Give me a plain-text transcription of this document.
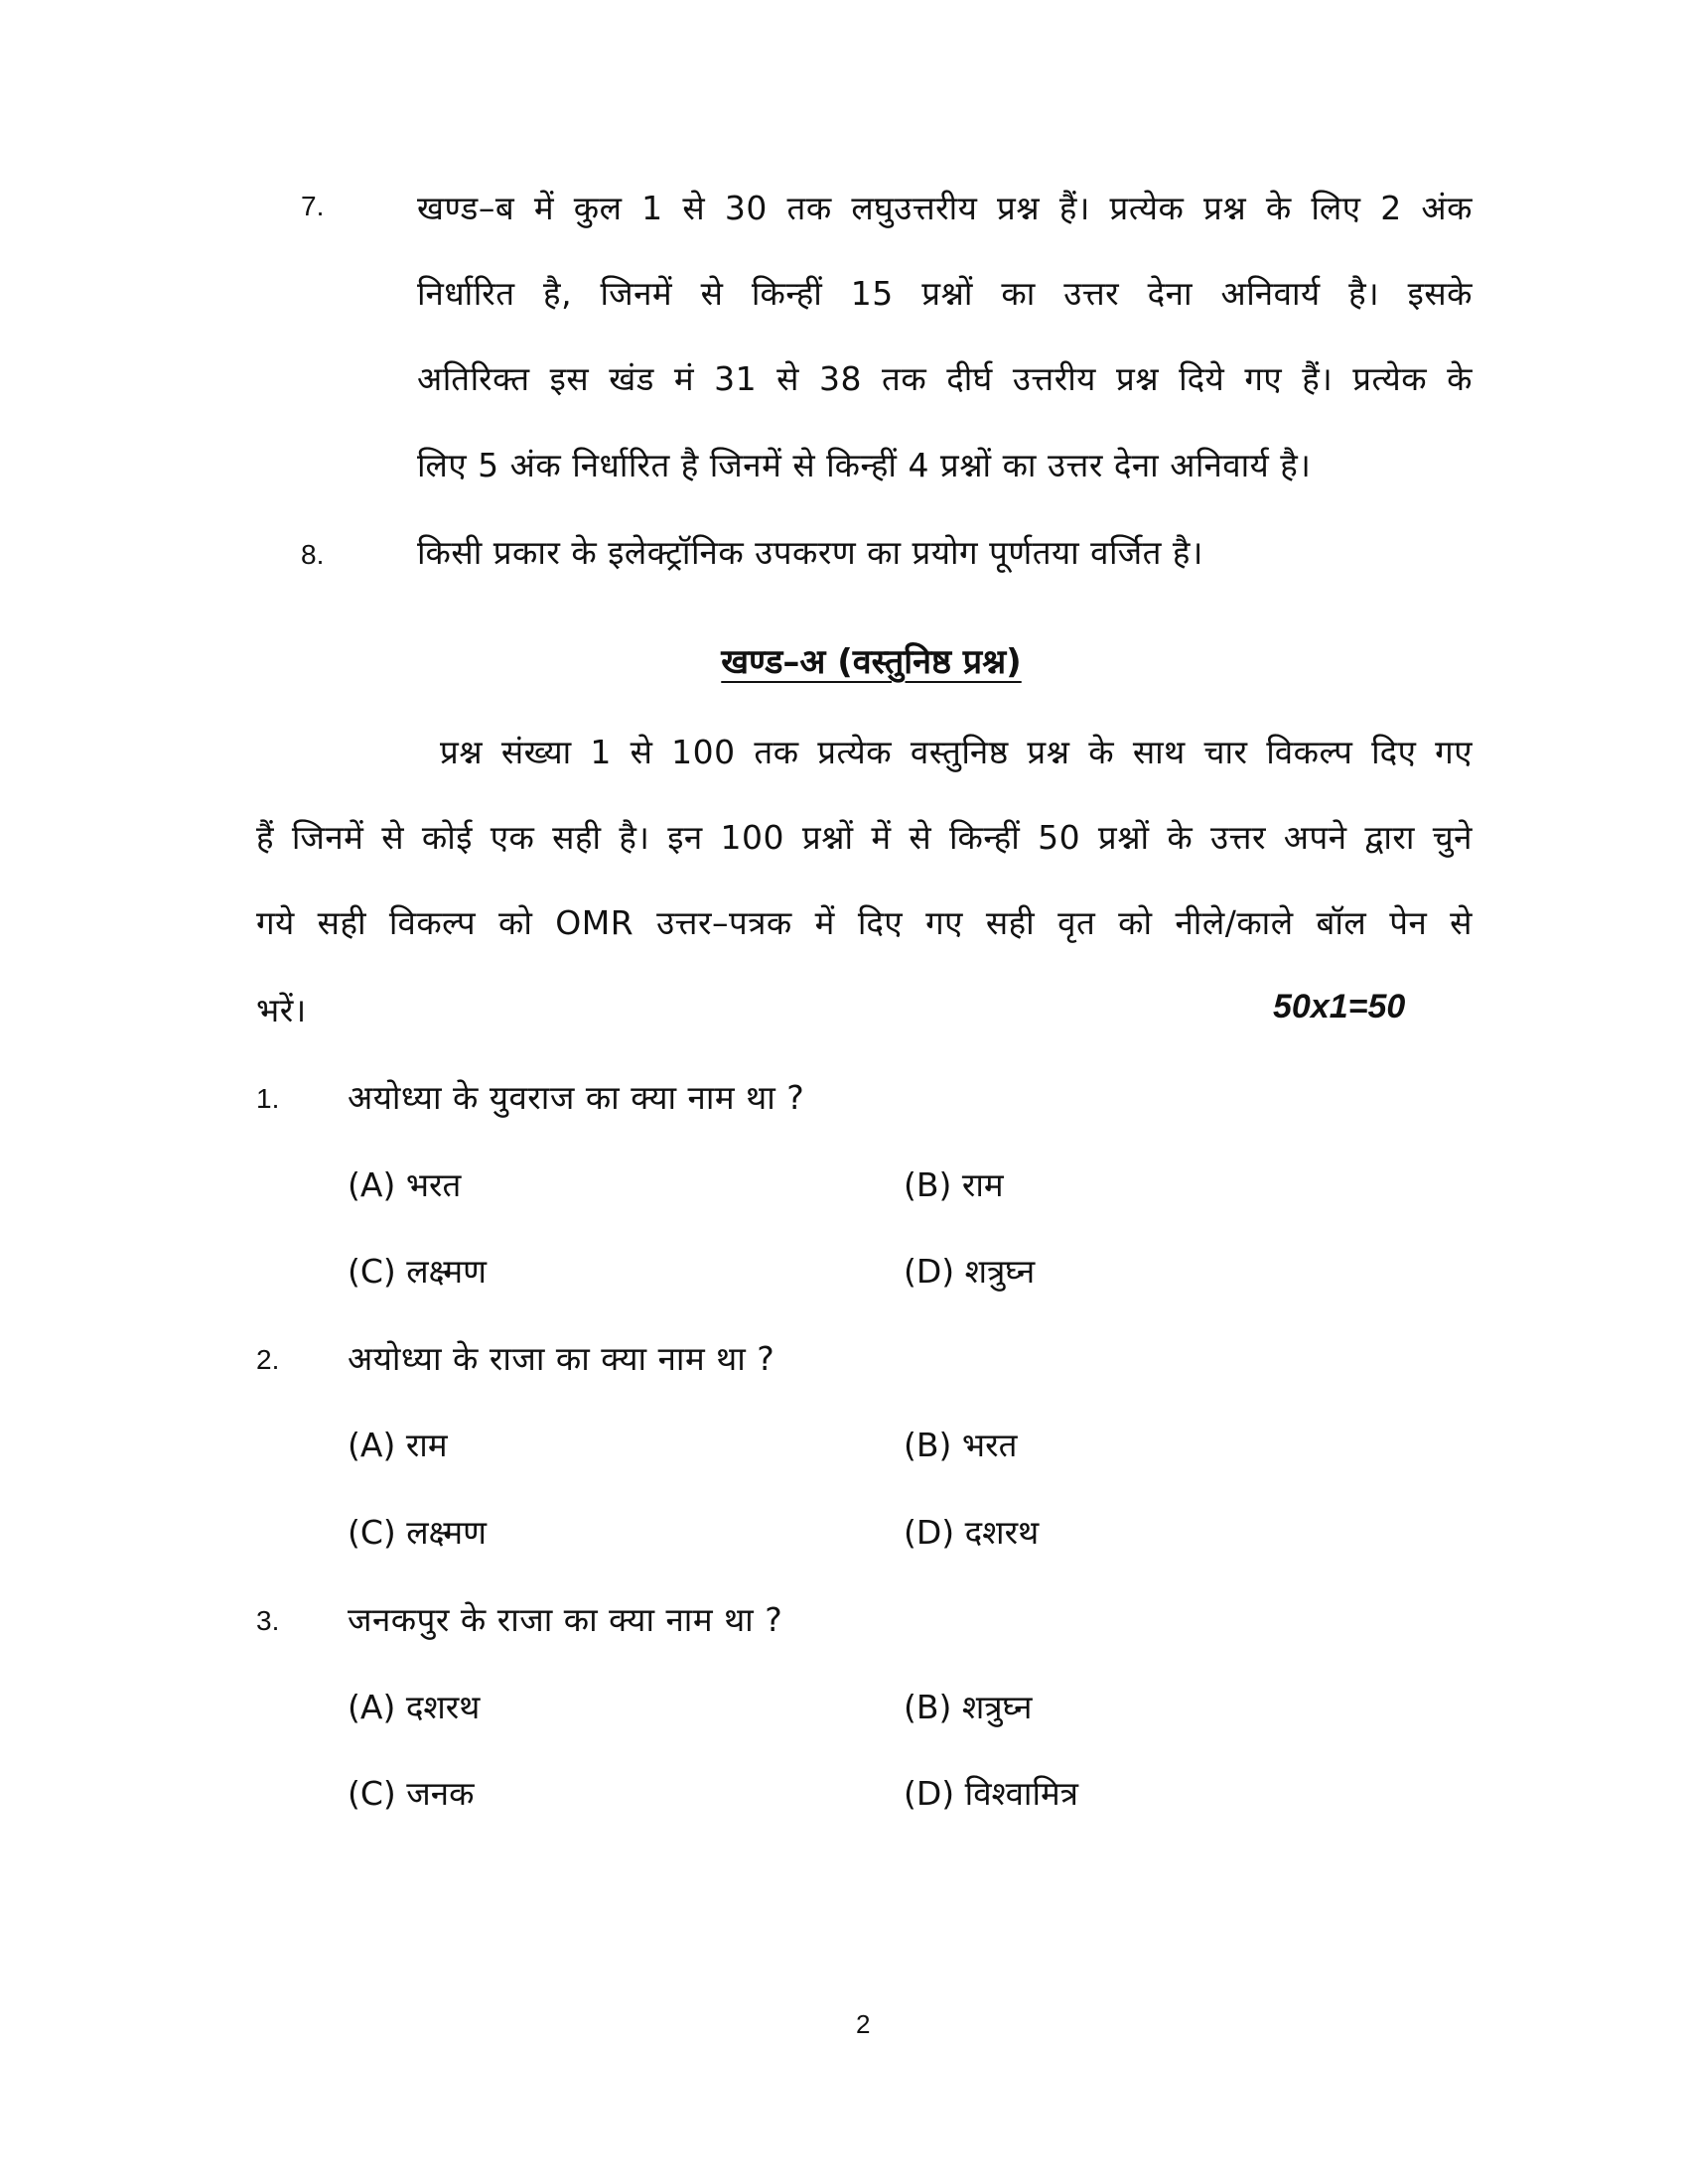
7.	खण्ड–ब में कुल 1 से 30 तक लघुउत्तरीय प्रश्न हैं। प्रत्येक प्रश्न के लिए 2 अंक
निर्धारित है, जिनमें से किन्हीं 15 प्रश्नों का उत्तर देना अनिवार्य है। इसके
अतिरिक्त इस खंड मं 31 से 38 तक दीर्घ उत्तरीय प्रश्न दिये गए हैं। प्रत्येक के
लिए 5 अंक निर्धारित है जिनमें से किन्हीं 4 प्रश्नों का उत्तर देना अनिवार्य है।
8.	किसी प्रकार के इलेक्ट्रॉनिक उपकरण का प्रयोग पूर्णतया वर्जित है।
खण्ड–अ (वस्तुनिष्ठ प्रश्न)
प्रश्न संख्या 1 से 100 तक प्रत्येक वस्तुनिष्ठ प्रश्न के साथ चार विकल्प दिए गए
हैं जिनमें से कोई एक सही है। इन 100 प्रश्नों में से किन्हीं 50 प्रश्नों के उत्तर अपने द्वारा चुने
गये सही विकल्प को OMR उत्तर–पत्रक में दिए गए सही वृत को नीले/काले बॉल पेन से
भरें।	50x1=50
1. अयोध्या के युवराज का क्या नाम था ?
(A) भरत	(B) राम
(C) लक्ष्मण	(D) शत्रुघ्न
2. अयोध्या के राजा का क्या नाम था ?
(A) राम	(B) भरत
(C) लक्ष्मण	(D) दशरथ
3. जनकपुर के राजा का क्या नाम था ?
(A) दशरथ	(B) शत्रुघ्न
(C) जनक	(D) विश्वामित्र
2
